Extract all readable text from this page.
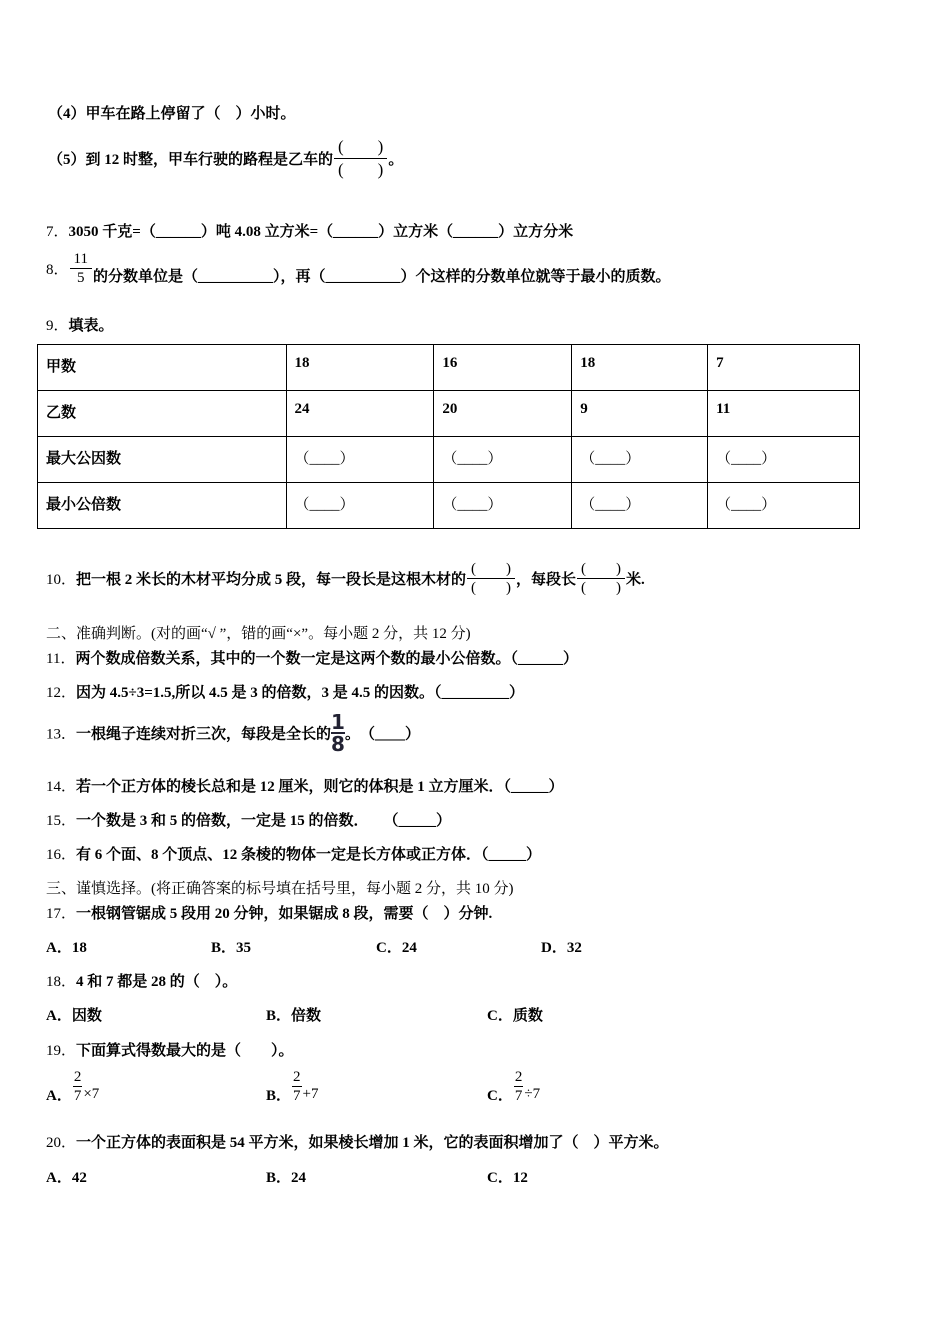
（4）甲车在路上停留了（　）小时。
（5）到 12 时整，甲车行驶的路程是乙车的 $\frac{( )}{( )}$ 。
7．3050 千克=（______）吨 4.08 立方米=（______）立方米（______）立方分米
8． $\frac{11}{5}$ 的分数单位是（__________），再（__________）个这样的分数单位就等于最小的质数。
9．填表。
甲数	18	16	18	7
乙数	24	20	9	11
最大公因数	（____）	（____）	（____）	（____）
最小公倍数	（____）	（____）	（____）	（____）
10．把一根 2 米长的木材平均分成 5 段，每一段长是这根木材的 $\frac{( )}{( )}$ ，每段长 $\frac{( )}{( )}$ 米.
二、准确判断。(对的画“√ ”，错的画“×”。每小题 2 分，共 12 分)
11．两个数成倍数关系，其中的一个数一定是这两个数的最小公倍数。（______）
12．因为 4.5÷3=1.5,所以 4.5 是 3 的倍数，3 是 4.5 的因数。（_________）
13．一根绳子连续对折三次，每段是全长的 $\frac{1}{8}$。　（____）
14．若一个正方体的棱长总和是 12 厘米，则它的体积是 1 立方厘米．（_____）
15．一个数是 3 和 5 的倍数，一定是 15 的倍数．　　（_____）
16．有 6 个面、8 个顶点、12 条棱的物体一定是长方体或正方体．（_____）
三、谨慎选择。(将正确答案的标号填在括号里，每小题 2 分，共 10 分)
17．一根钢管锯成 5 段用 20 分钟，如果锯成 8 段，需要（　）分钟.
A．18	B．35	C．24	D．32
18．4 和 7 都是 28 的（　）。
A．因数	B．倍数	C．质数
19．下面算式得数最大的是（　　）。
A． $\frac{2}{7} \times 7$	B． $\frac{2}{7} +7$	C． $\frac{2}{7} \div 7$
20．一个正方体的表面积是 54 平方米，如果棱长增加 1 米，它的表面积增加了（　）平方米。
A．42	B．24	C．12
